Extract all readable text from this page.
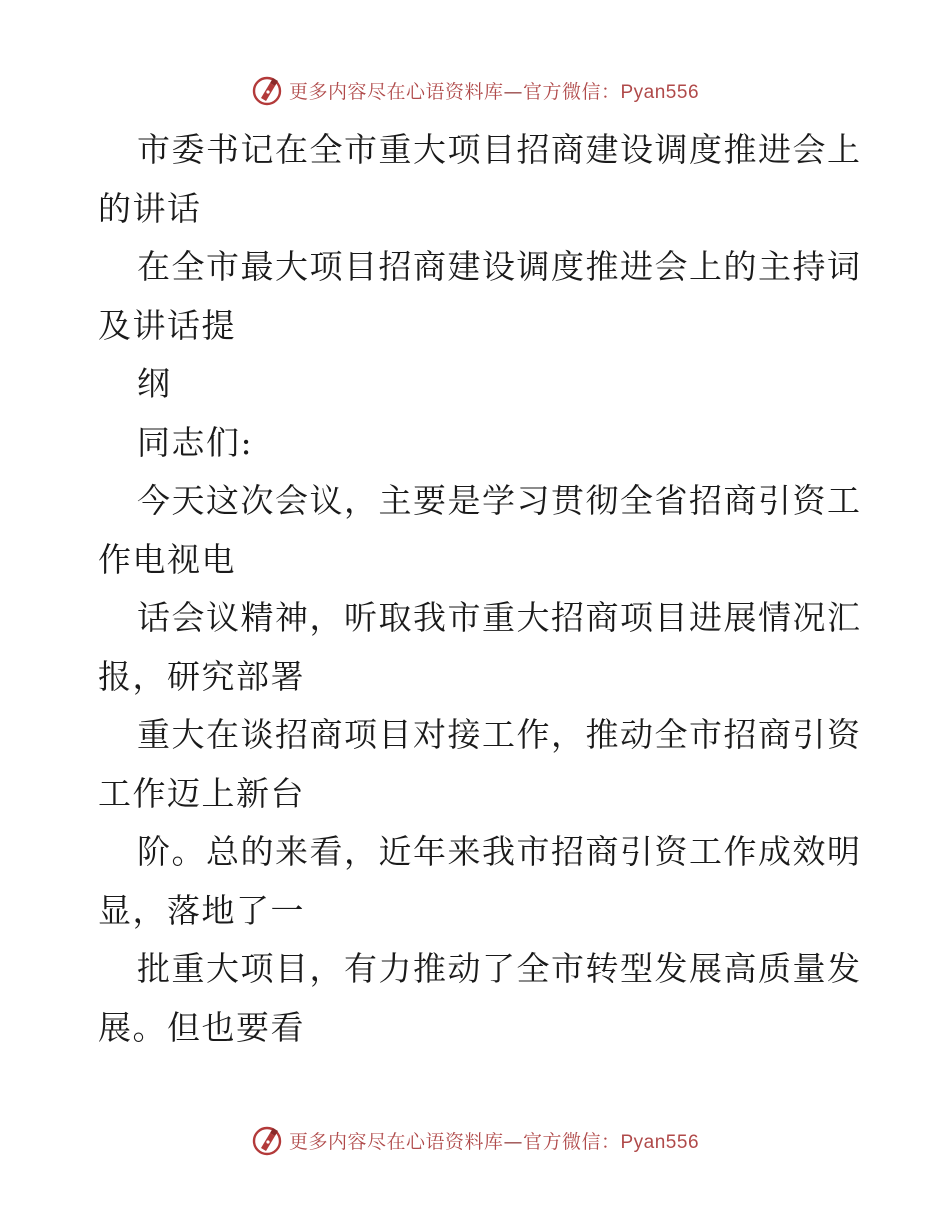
更多内容尽在心语资料库—官方微信：Pyan556
市委书记在全市重大项目招商建设调度推进会上
的讲话
在全市最大项目招商建设调度推进会上的主持词
及讲话提
纲
同志们:
今天这次会议，主要是学习贯彻全省招商引资工
作电视电
话会议精神，听取我市重大招商项目进展情况汇
报，研究部署
重大在谈招商项目对接工作，推动全市招商引资
工作迈上新台
阶。总的来看，近年来我市招商引资工作成效明
显，落地了一
批重大项目，有力推动了全市转型发展高质量发
展。但也要看
更多内容尽在心语资料库—官方微信：Pyan556
